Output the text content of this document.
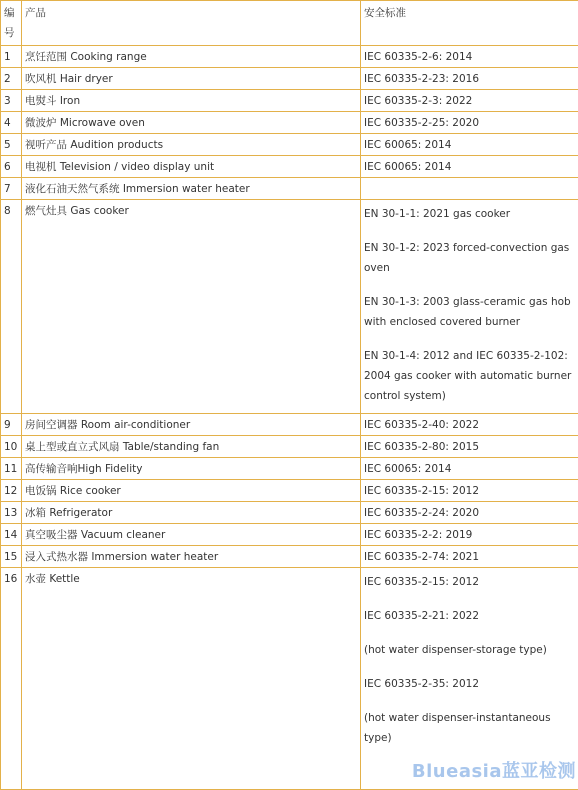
编号	产品	安全标准
1	烹饪范围 Cooking range	IEC 60335-2-6: 2014

2	吹风机 Hair dryer	IEC 60335-2-23: 2016

3	电熨斗 Iron	IEC 60335-2-3: 2022

4	微波炉 Microwave oven	IEC 60335-2-25: 2020

5	视听产品 Audition products	IEC 60065: 2014

6	电视机 Television / video display unit	IEC 60065: 2014

7	液化石油天然气系统 Immersion water heater	
8	燃气灶具 Gas cooker	EN 30-1-1: 2021 gas cooker
EN 30-1-2: 2023 forced-convection gas oven
EN 30-1-3: 2003 glass-ceramic gas hob with enclosed covered burner
EN 30-1-4: 2012 and IEC 60335-2-102: 2004 gas cooker with automatic burner control system)

9	房间空调器 Room air-conditioner	IEC 60335-2-40: 2022

10	桌上型或直立式风扇 Table/standing fan	IEC 60335-2-80: 2015

11	高传输音响High Fidelity	IEC 60065: 2014

12	电饭锅 Rice cooker	IEC 60335-2-15: 2012

13	冰箱 Refrigerator	IEC 60335-2-24: 2020

14	真空吸尘器 Vacuum cleaner	IEC 60335-2-2: 2019

15	浸入式热水器 Immersion water heater	IEC 60335-2-74: 2021

16	水壶 Kettle	IEC 60335-2-15: 2012
IEC 60335-2-21: 2022
(hot water dispenser-storage type)
IEC 60335-2-35: 2012
(hot water dispenser-instantaneous type)
Blueasia蓝亚检测
